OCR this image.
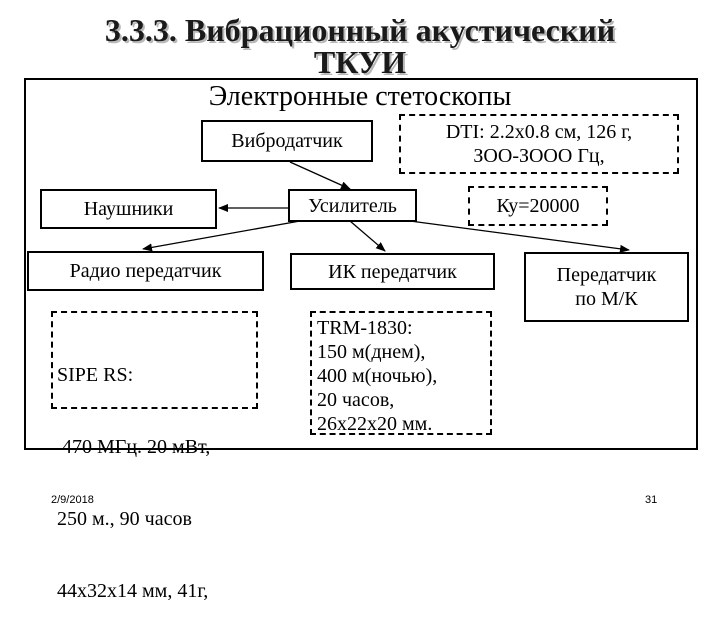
3.3.3. Вибрационный акустический
ТКУИ
Электронные стетоскопы
Вибродатчик	DTI: 2.2х0.8 см, 126 г,
ЗОО-ЗООО Гц,
Наушники	Усилитель	Ку=20000
Радио передатчик	ИК передатчик	Передатчик
по М/К

SIPE RS:

470 МГц. 20 мВт,

250 м., 90 часов

44х32х14 мм, 41г,

TRM-1830:
150 м(днем),
400 м(ночью),
20 часов,
26х22х20 мм.
2/9/2018	31
